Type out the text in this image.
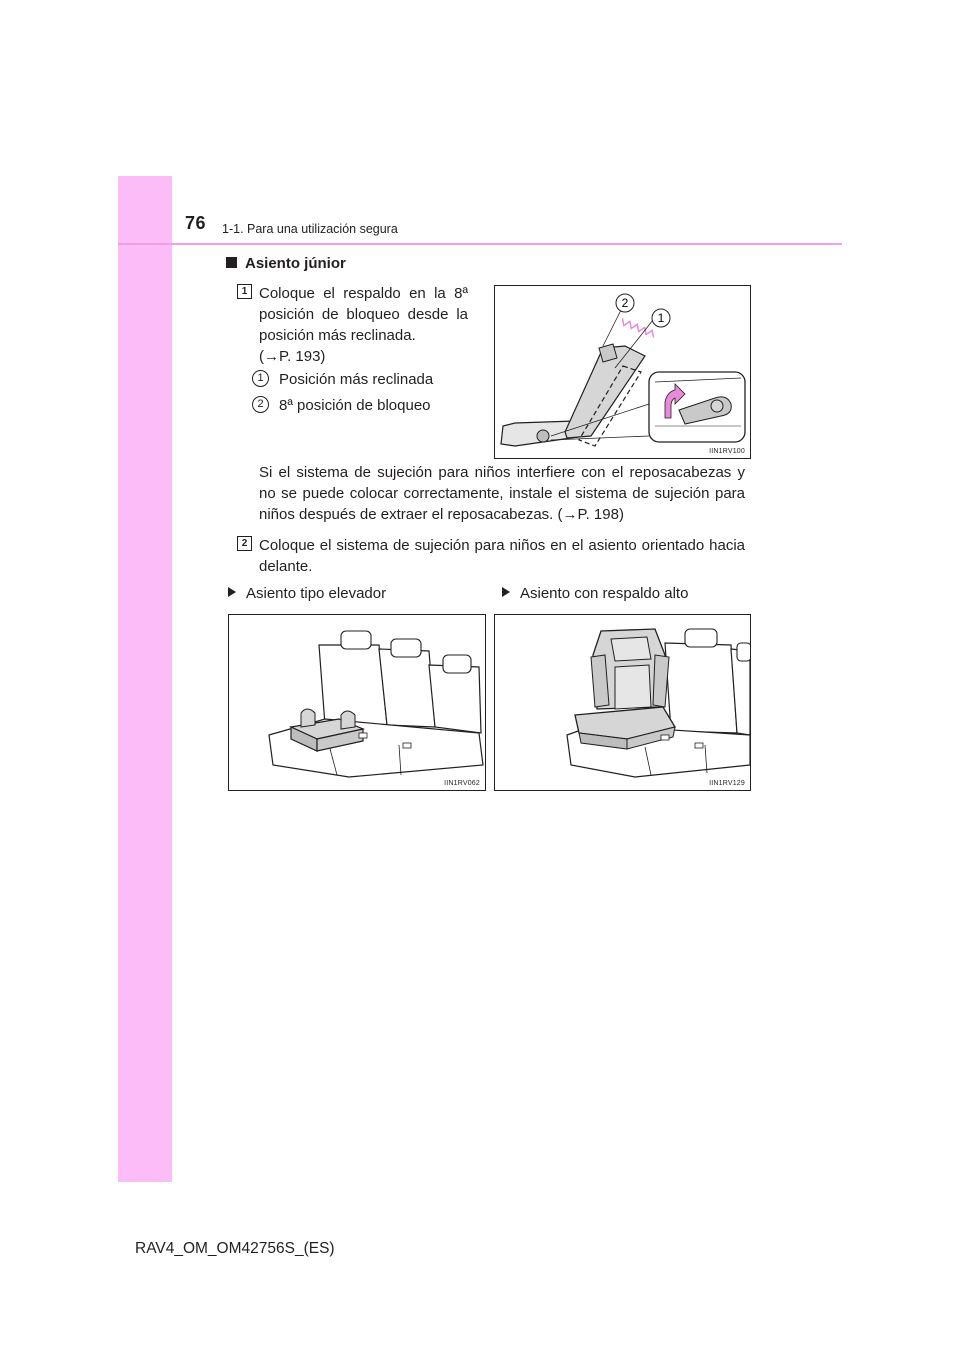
76 1-1. Para una utilización segura
Asiento júnior
1 Coloque el respaldo en la 8ª
posición de bloqueo desde la
posición más reclinada.
(→P. 193)
1	Posición más reclinada
2	8ª posición de bloqueo
2
1
IIN1RV100
Si el sistema de sujeción para niños interfiere con el reposacabezas y
no se puede colocar correctamente, instale el sistema de sujeción para
niños después de extraer el reposacabezas. (→P. 198)
2 Coloque el sistema de sujeción para niños en el asiento orientado hacia
delante.
Asiento tipo elevador	Asiento con respaldo alto
IIN1RV062	IIN1RV129
RAV4_OM_OM42756S_(ES)
